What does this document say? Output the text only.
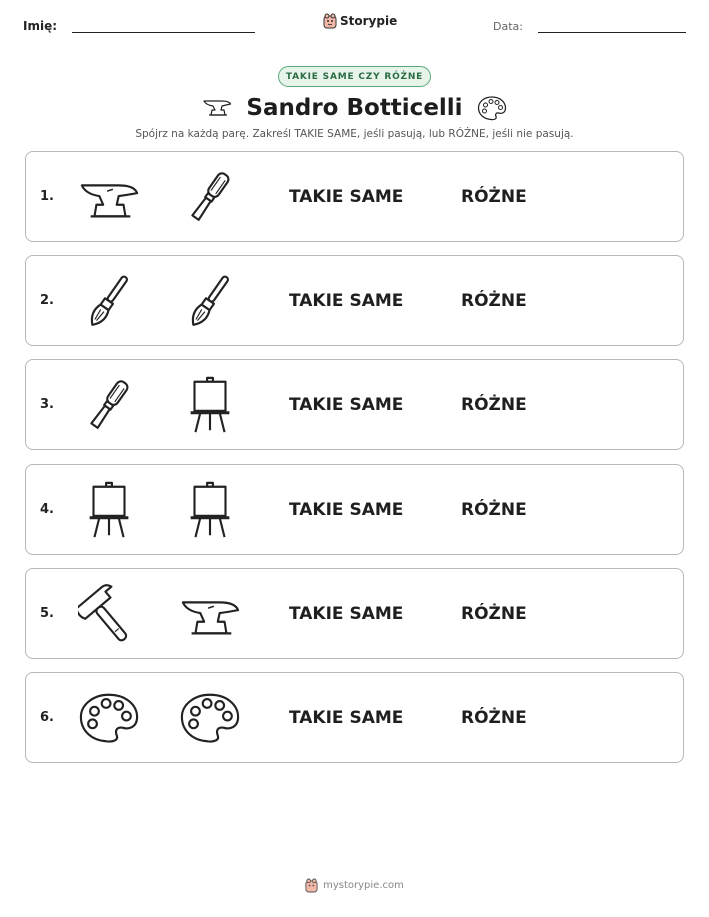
Imię:	Storypie	Data:
TAKIE SAME CZY RÓŻNE
Sandro Botticelli
Spójrz na każdą parę. Zakreśl TAKIE SAME, jeśli pasują, lub RÓŻNE, jeśli nie pasują.
1.	TAKIE SAME	RÓŻNE
2.	TAKIE SAME	RÓŻNE
3.	TAKIE SAME	RÓŻNE
4.	TAKIE SAME	RÓŻNE
5.	TAKIE SAME	RÓŻNE
6.	TAKIE SAME	RÓŻNE
mystorypie.com
